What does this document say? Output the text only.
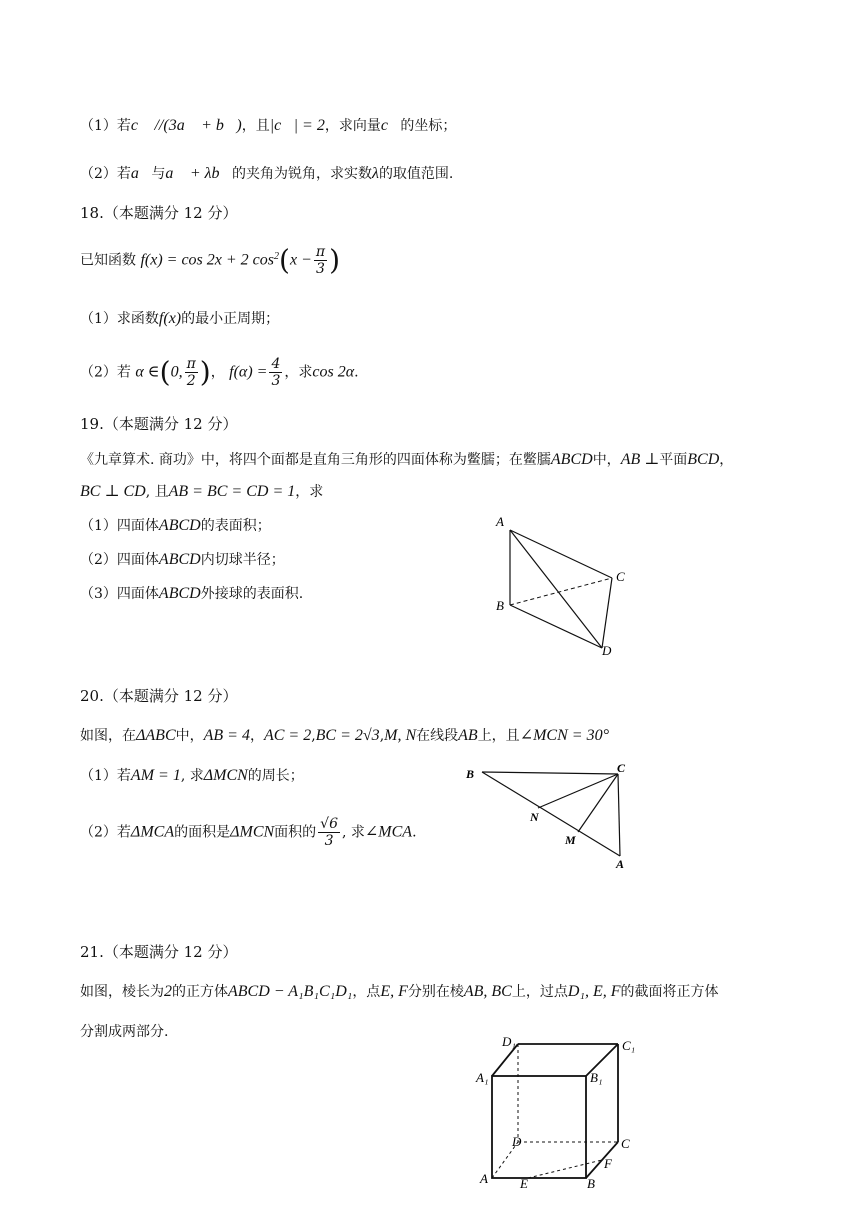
（1）若c⃗ //(3a⃗ + b⃗)，且|c⃗| = 2，求向量c⃗的坐标；
（2）若a⃗与a⃗ + λb⃗的夹角为锐角，求实数λ的取值范围.
18.（本题满分 12 分）
已知函数 f(x) = cos 2x + 2 $\cos^2(x - \frac{\pi}{3}$ )
（1）求函数f(x)的最小正周期；
（2）若 α ∈(0, $\frac{\pi}{2}$ )， $f(\alpha) = \frac{4}{3}$ ，求cos 2α.
19.（本题满分 12 分）
《九章算术. 商功》中，将四个面都是直角三角形的四面体称为鳖臑；在鳖臑ABCD中，AB ⊥平面BCD，
BC ⊥ CD, 且AB = BC = CD = 1，求
（1）四面体ABCD的表面积；
（2）四面体ABCD内切球半径；
（3）四面体ABCD外接球的表面积.
A
B
C
D
20.（本题满分 12 分）
如图，在ΔABC中，AB = 4，AC = 2,BC = 2√3,M, N在线段AB上，且∠MCN = 30°
（1）若AM = 1, 求ΔMCN的周长；
（2）若ΔMCA的面积是ΔMCN面积的 $\frac{√6}{3}$ , 求∠MCA.
B	C
N
M
A
21.（本题满分 12 分）
如图，棱长为2的正方体ABCD − A₁B₁C₁D₁，点E, F分别在棱AB, BC上，过点D₁, E, F的截面将正方体
分割成两部分.
D₁	C₁
A₁	B₁
D	C
F
A E	B
